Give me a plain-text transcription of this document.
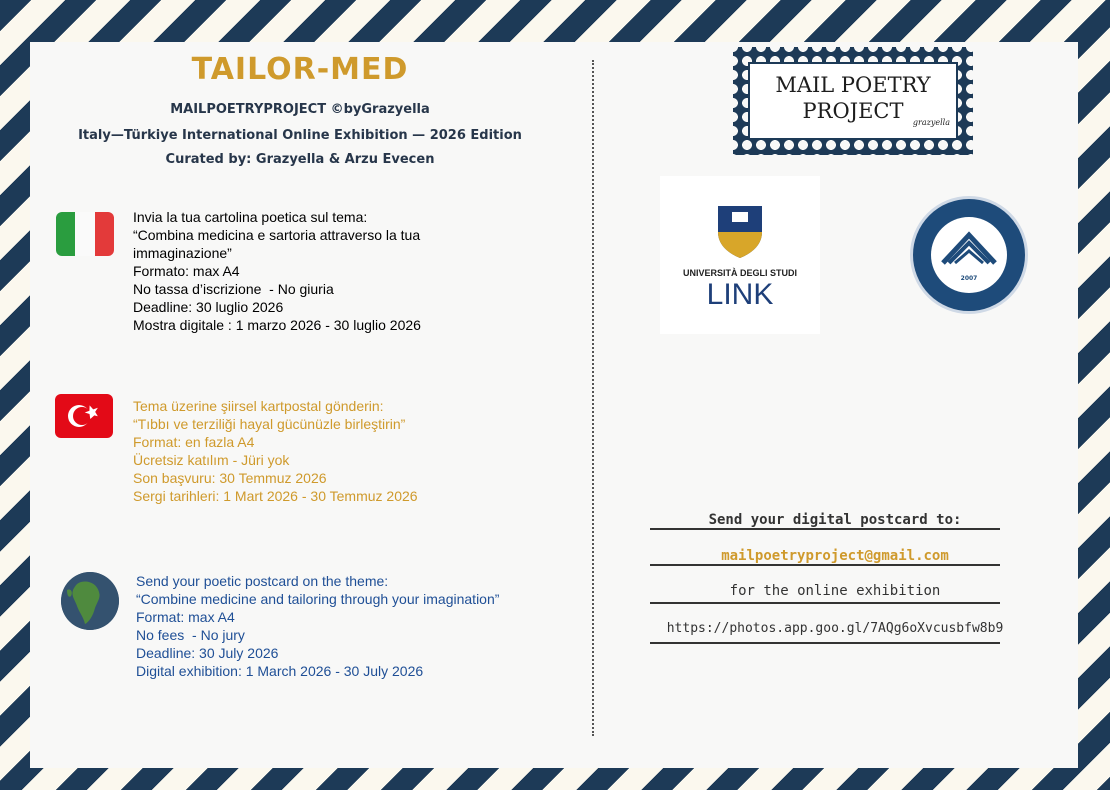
TAILOR-MED
MAILPOETRYPROJECT ©byGrazyella
Italy—Türkiye International Online Exhibition — 2026 Edition
Curated by: Grazyella & Arzu Evecen
Invia la tua cartolina poetica sul tema:
“Combina medicina e sartoria attraverso la tua
immaginazione”
Formato: max A4
No tassa d’iscrizione  - No giuria
Deadline: 30 luglio 2026
Mostra digitale : 1 marzo 2026 - 30 luglio 2026
Tema üzerine şiirsel kartpostal gönderin:
“Tıbbı ve terziliği hayal gücünüzle birleştirin”
Format: en fazla A4
Ücretsiz katılım - Jüri yok
Son başvuru: 30 Temmuz 2026
Sergi tarihleri: 1 Mart 2026 - 30 Temmuz 2026
Send your poetic postcard on the theme:
“Combine medicine and tailoring through your imagination”
Format: max A4
No fees  - No jury
Deadline: 30 July 2026
Digital exhibition: 1 March 2026 - 30 July 2026
MAIL POETRY
PROJECT	grazyella
UNIVERSITÀ DEGLI STUDI
LINK	2007
Send your digital postcard to:
mailpoetryproject@gmail.com
for the online exhibition
https://photos.app.goo.gl/7AQg6oXvcusbfw8b9
